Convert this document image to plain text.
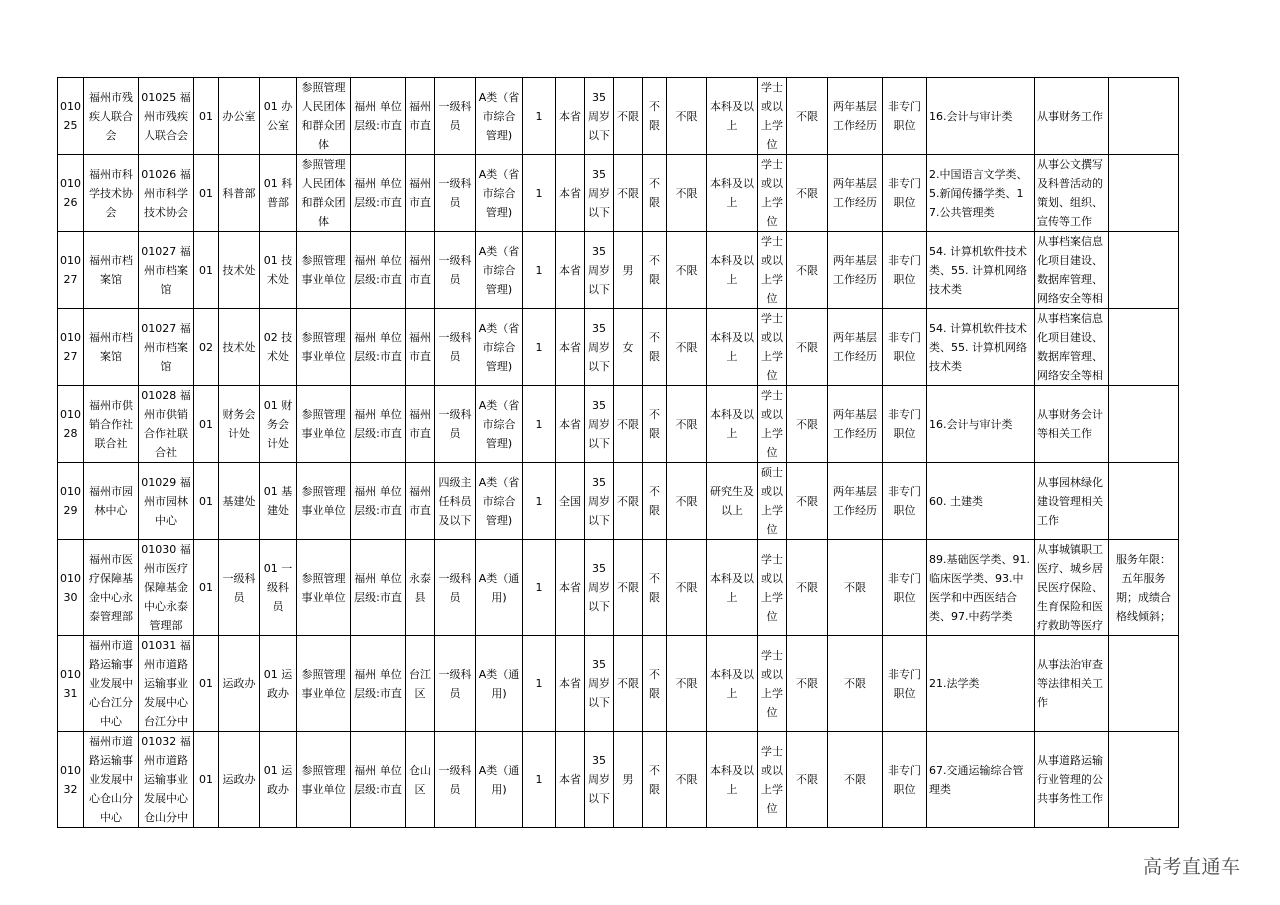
01025	福州市残疾人联合会	01025 福州市残疾人联合会	01	办公室	01 办公室	参照管理人民团体和群众团体	福州 单位层级:市直	福州市直	一级科员	A类（省市综合管理)	1	本省	35周岁以下	不限	不限	不限	本科及以上	学士或以上学位	不限	两年基层工作经历	非专门职位	16.会计与审计类	从事财务工作	
01026	福州市科学技术协会	01026 福州市科学技术协会	01	科普部	01 科普部	参照管理人民团体和群众团体	福州 单位层级:市直	福州市直	一级科员	A类（省市综合管理)	1	本省	35周岁以下	不限	不限	不限	本科及以上	学士或以上学位	不限	两年基层工作经历	非专门职位	2.中国语言文学类、5.新闻传播学类、17.公共管理类	从事公文撰写及科普活动的策划、组织、宣传等工作	
01027	福州市档案馆	01027 福州市档案馆	01	技术处	01 技术处	参照管理事业单位	福州 单位层级:市直	福州市直	一级科员	A类（省市综合管理)	1	本省	35周岁以下	男	不限	不限	本科及以上	学士或以上学位	不限	两年基层工作经历	非专门职位	54. 计算机软件技术类、55. 计算机网络技术类	从事档案信息化项目建设、数据库管理、网络安全等相	
01027	福州市档案馆	01027 福州市档案馆	02	技术处	02 技术处	参照管理事业单位	福州 单位层级:市直	福州市直	一级科员	A类（省市综合管理)	1	本省	35周岁以下	女	不限	不限	本科及以上	学士或以上学位	不限	两年基层工作经历	非专门职位	54. 计算机软件技术类、55. 计算机网络技术类	从事档案信息化项目建设、数据库管理、网络安全等相	
01028	福州市供销合作社联合社	01028 福州市供销合作社联合社	01	财务会计处	01 财务会计处	参照管理事业单位	福州 单位层级:市直	福州市直	一级科员	A类（省市综合管理)	1	本省	35周岁以下	不限	不限	不限	本科及以上	学士或以上学位	不限	两年基层工作经历	非专门职位	16.会计与审计类	从事财务会计等相关工作	
01029	福州市园林中心	01029 福州市园林中心	01	基建处	01 基建处	参照管理事业单位	福州 单位层级:市直	福州市直	四级主任科员及以下	A类（省市综合管理)	1	全国	35周岁以下	不限	不限	不限	研究生及以上	硕士或以上学位	不限	两年基层工作经历	非专门职位	60. 土建类	从事园林绿化建设管理相关工作	
01030	福州市医疗保障基金中心永泰管理部	01030 福州市医疗保障基金中心永泰管理部	01	一级科员	01 一级科员	参照管理事业单位	福州 单位层级:市直	永泰县	一级科员	A类（通用)	1	本省	35周岁以下	不限	不限	不限	本科及以上	学士或以上学位	不限	不限	非专门职位	89.基础医学类、91.临床医学类、93.中医学和中西医结合类、97.中药学类	从事城镇职工医疗、城乡居民医疗保险、生育保险和医疗救助等医疗	服务年限：五年服务期；成绩合格线倾斜；
01031	福州市道路运输事业发展中心台江分中心	01031 福州市道路运输事业发展中心台江分中	01	运政办	01 运政办	参照管理事业单位	福州 单位层级:市直	台江区	一级科员	A类（通用)	1	本省	35周岁以下	不限	不限	不限	本科及以上	学士或以上学位	不限	不限	非专门职位	21.法学类	从事法治审查等法律相关工作	
01032	福州市道路运输事业发展中心仓山分中心	01032 福州市道路运输事业发展中心仓山分中	01	运政办	01 运政办	参照管理事业单位	福州 单位层级:市直	仓山区	一级科员	A类（通用)	1	本省	35周岁以下	男	不限	不限	本科及以上	学士或以上学位	不限	不限	非专门职位	67.交通运输综合管理类	从事道路运输行业管理的公共事务性工作	
高考直通车
